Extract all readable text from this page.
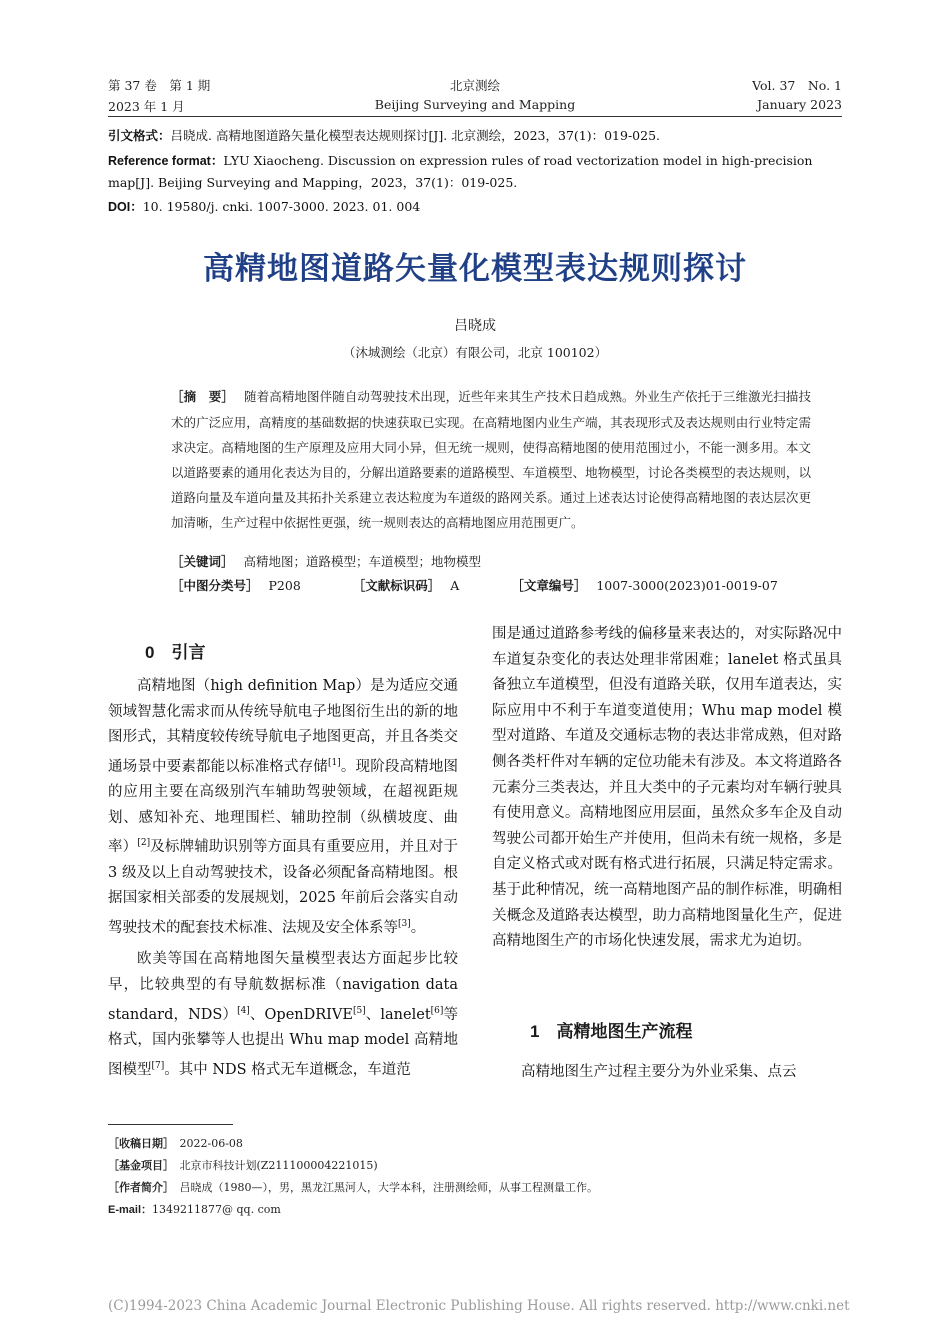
第 37 卷　第 1 期
2023 年 1 月
北京测绘
Beijing Surveying and Mapping
Vol. 37　No. 1
January 2023
引文格式：吕晓成. 高精地图道路矢量化模型表达规则探讨[J]. 北京测绘，2023，37(1)：019-025.
Reference format：LYU Xiaocheng. Discussion on expression rules of road vectorization model in high-precision map[J]. Beijing Surveying and Mapping，2023，37(1)：019-025.
DOI：10. 19580/j. cnki. 1007-3000. 2023. 01. 004
高精地图道路矢量化模型表达规则探讨
吕晓成
（沐城测绘（北京）有限公司，北京 100102）
［摘　要］ 随着高精地图伴随自动驾驶技术出现，近些年来其生产技术日趋成熟。外业生产依托于三维激光扫描技术的广泛应用，高精度的基础数据的快速获取已实现。在高精地图内业生产端，其表现形式及表达规则由行业特定需求决定。高精地图的生产原理及应用大同小异，但无统一规则，使得高精地图的使用范围过小，不能一测多用。本文以道路要素的通用化表达为目的，分解出道路要素的道路模型、车道模型、地物模型，讨论各类模型的表达规则，以道路向量及车道向量及其拓扑关系建立表达粒度为车道级的路网关系。通过上述表达讨论使得高精地图的表达层次更加清晰，生产过程中依据性更强，统一规则表达的高精地图应用范围更广。
［关键词］ 高精地图；道路模型；车道模型；地物模型
［中图分类号］ P208	［文献标识码］ A	［文章编号］ 1007-3000(2023)01-0019-07
0　引言

高精地图（high definition Map）是为适应交通领域智慧化需求而从传统导航电子地图衍生出的新的地图形式，其精度较传统导航电子地图更高，并且各类交通场景中要素都能以标准格式存储[1]。现阶段高精地图的应用主要在高级别汽车辅助驾驶领域，在超视距规划、感知补充、地理围栏、辅助控制（纵横坡度、曲率）[2]及标牌辅助识别等方面具有重要应用，并且对于 3 级及以上自动驾驶技术，设备必须配备高精地图。根据国家相关部委的发展规划，2025 年前后会落实自动驾驶技术的配套技术标准、法规及安全体系等[3]。

欧美等国在高精地图矢量模型表达方面起步比较早，比较典型的有导航数据标准（navigation data standard，NDS）[4]、OpenDRIVE[5]、lanelet[6]等格式，国内张攀等人也提出 Whu map model 高精地图模型[7]。其中 NDS 格式无车道概念，车道范

围是通过道路参考线的偏移量来表达的，对实际路况中车道复杂变化的表达处理非常困难；lanelet 格式虽具备独立车道模型，但没有道路关联，仅用车道表达，实际应用中不利于车道变道使用；Whu map model 模型对道路、车道及交通标志物的表达非常成熟，但对路侧各类杆件对车辆的定位功能未有涉及。本文将道路各元素分三类表达，并且大类中的子元素均对车辆行驶具有使用意义。高精地图应用层面，虽然众多车企及自动驾驶公司都开始生产并使用，但尚未有统一规格，多是自定义格式或对既有格式进行拓展，只满足特定需求。基于此种情况，统一高精地图产品的制作标准，明确相关概念及道路表达模型，助力高精地图量化生产，促进高精地图生产的市场化快速发展，需求尤为迫切。

1　高精地图生产流程

高精地图生产过程主要分为外业采集、点云

［收稿日期］　 2022-06-08
［基金项目］　 北京市科技计划(Z211100004221015)
［作者简介］　 吕晓成（1980—），男，黑龙江黑河人，大学本科，注册测绘师，从事工程测量工作。
E-mail：1349211877@ qq. com
(C)1994-2023 China Academic Journal Electronic Publishing House. All rights reserved. http://www.cnki.net
